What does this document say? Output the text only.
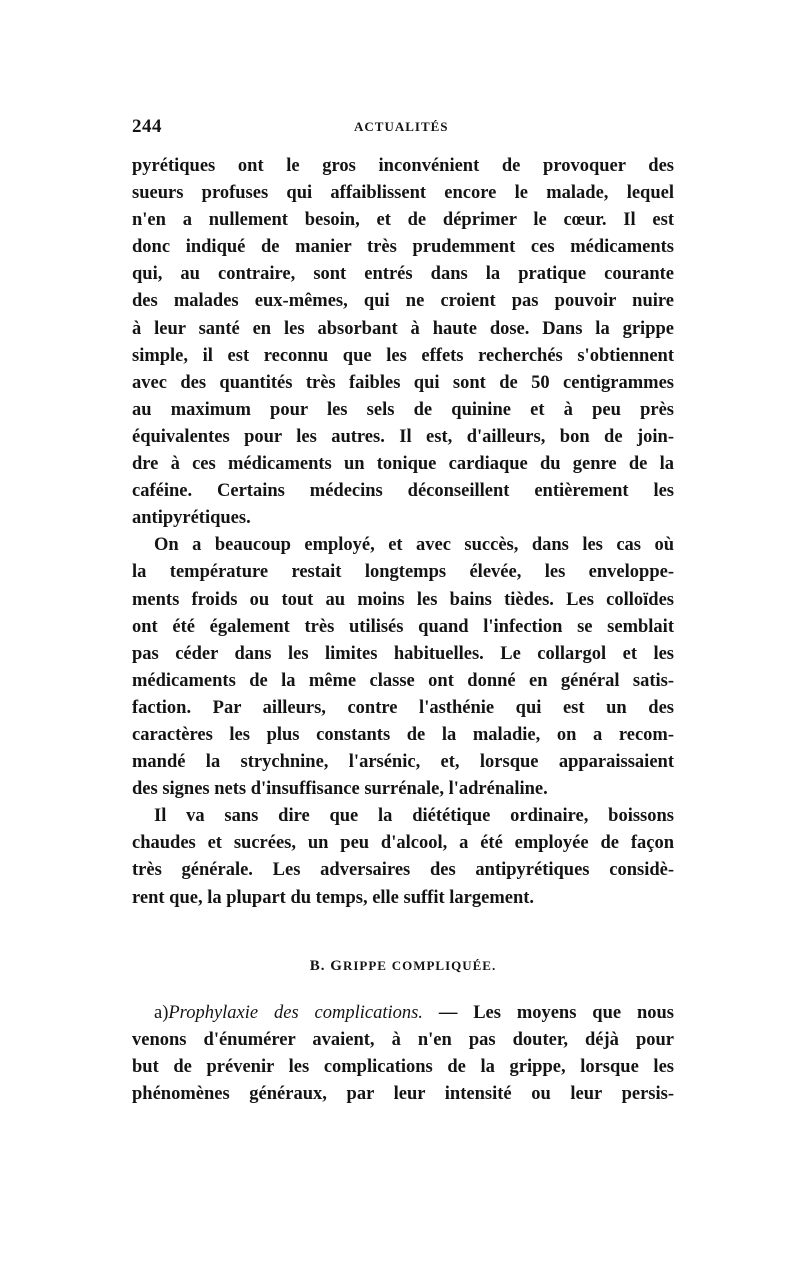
244	ACTUALITÉS

pyrétiques ont le gros inconvénient de provoquer des
sueurs profuses qui affaiblissent encore le malade, lequel
n'en a nullement besoin, et de déprimer le cœur. Il est
donc indiqué de manier très prudemment ces médicaments
qui, au contraire, sont entrés dans la pratique courante
des malades eux-mêmes, qui ne croient pas pouvoir nuire
à leur santé en les absorbant à haute dose. Dans la grippe
simple, il est reconnu que les effets recherchés s'obtiennent
avec des quantités très faibles qui sont de 50 centigrammes
au maximum pour les sels de quinine et à peu près
équivalentes pour les autres. Il est, d'ailleurs, bon de join-
dre à ces médicaments un tonique cardiaque du genre de la
caféine. Certains médecins déconseillent entièrement les
antipyrétiques.

On a beaucoup employé, et avec succès, dans les cas où
la température restait longtemps élevée, les enveloppe-
ments froids ou tout au moins les bains tièdes. Les colloïdes
ont été également très utilisés quand l'infection se semblait
pas céder dans les limites habituelles. Le collargol et les
médicaments de la même classe ont donné en général satis-
faction. Par ailleurs, contre l'asthénie qui est un des
caractères les plus constants de la maladie, on a recom-
mandé la strychnine, l'arsénic, et, lorsque apparaissaient
des signes nets d'insuffisance surrénale, l'adrénaline.

Il va sans dire que la diététique ordinaire, boissons
chaudes et sucrées, un peu d'alcool, a été employée de façon
très générale. Les adversaires des antipyrétiques considè-
rent que, la plupart du temps, elle suffit largement.

B. GRIPPE COMPLIQUÉE.

a)Prophylaxie des complications. — Les moyens que nous
venons d'énumérer avaient, à n'en pas douter, déjà pour
but de prévenir les complications de la grippe, lorsque les
phénomènes généraux, par leur intensité ou leur persis-
